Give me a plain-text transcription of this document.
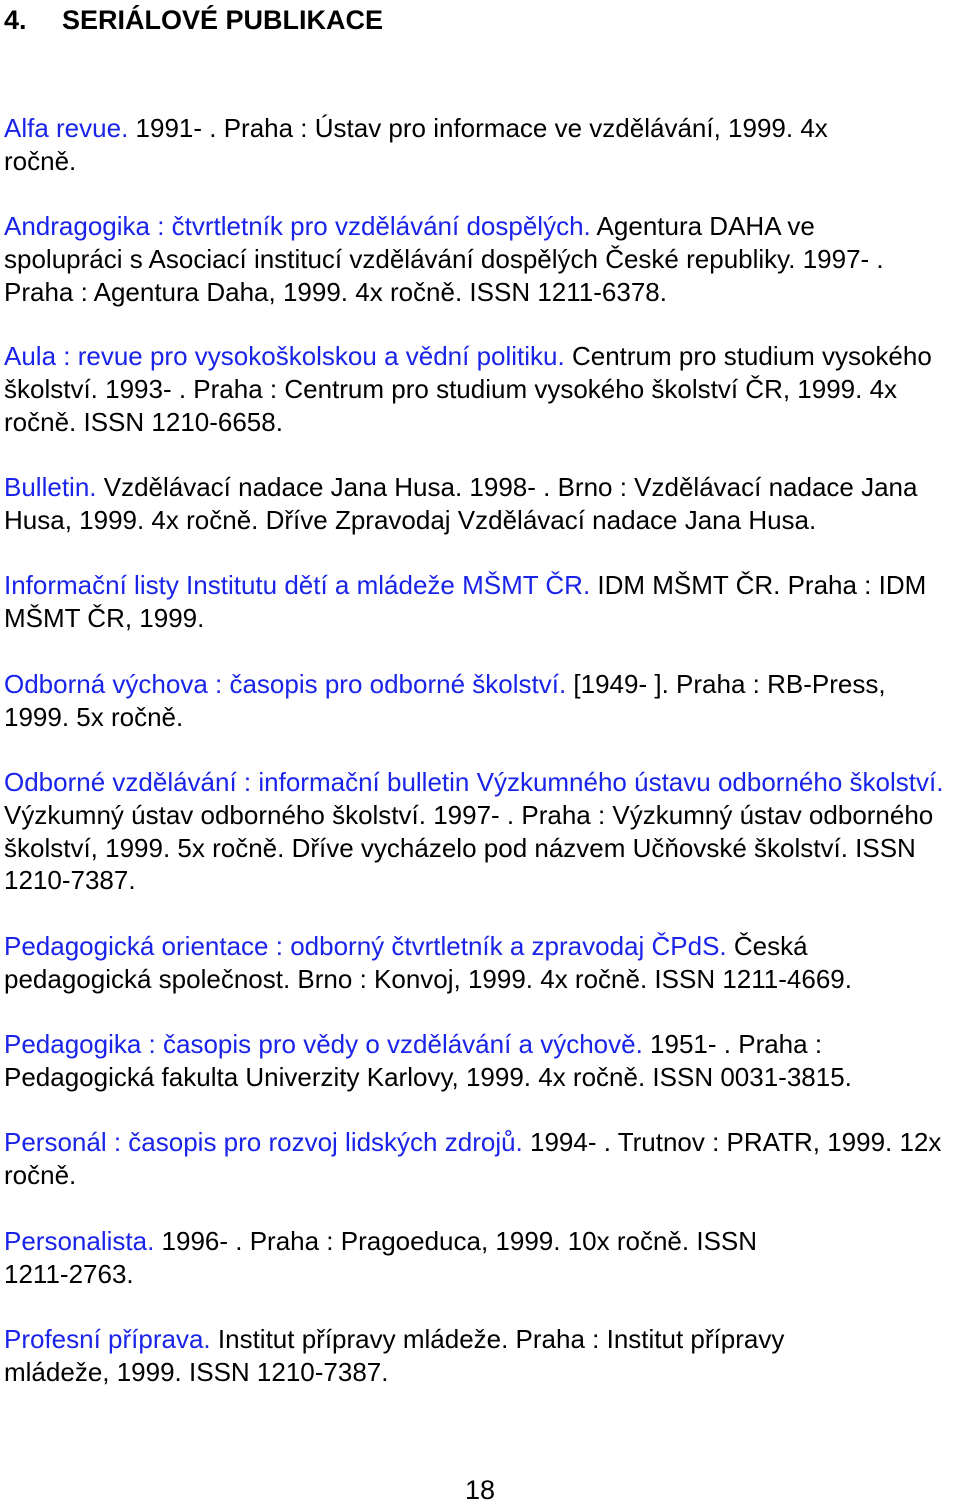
4. SERIÁLOVÉ PUBLIKACE
Alfa revue. 1991- . Praha : Ústav pro informace ve vzdělávání, 1999. 4x ročně.
Andragogika : čtvrtletník pro vzdělávání dospělých. Agentura DAHA ve spolupráci s Asociací institucí vzdělávání dospělých České republiky. 1997- . Praha : Agentura Daha, 1999. 4x ročně. ISSN 1211-6378.
Aula : revue pro vysokoškolskou a vědní politiku. Centrum pro studium vysokého školství. 1993- . Praha : Centrum pro studium vysokého školství ČR, 1999. 4x ročně. ISSN 1210-6658.
Bulletin. Vzdělávací nadace Jana Husa. 1998- . Brno : Vzdělávací nadace Jana Husa, 1999. 4x ročně. Dříve Zpravodaj Vzdělávací nadace Jana Husa.
Informační listy Institutu dětí a mládeže MŠMT ČR. IDM MŠMT ČR. Praha : IDM MŠMT ČR, 1999.
Odborná výchova : časopis pro odborné školství. [1949- ]. Praha : RB-Press, 1999. 5x ročně.
Odborné vzdělávání : informační bulletin Výzkumného ústavu odborného školství. Výzkumný ústav odborného školství. 1997- . Praha : Výzkumný ústav odborného školství, 1999. 5x ročně. Dříve vycházelo pod názvem Učňovské školství. ISSN 1210-7387.
Pedagogická orientace : odborný čtvrtletník a zpravodaj ČPdS. Česká pedagogická společnost. Brno : Konvoj, 1999. 4x ročně. ISSN 1211-4669.
Pedagogika : časopis pro vědy o vzdělávání a výchově. 1951- . Praha : Pedagogická fakulta Univerzity Karlovy, 1999. 4x ročně. ISSN 0031-3815.
Personál : časopis pro rozvoj lidských zdrojů. 1994- . Trutnov : PRATR, 1999. 12x ročně.
Personalista. 1996- . Praha : Pragoeduca, 1999. 10x ročně. ISSN 1211-2763.
Profesní příprava. Institut přípravy mládeže. Praha : Institut přípravy mládeže, 1999. ISSN 1210-7387.
18
